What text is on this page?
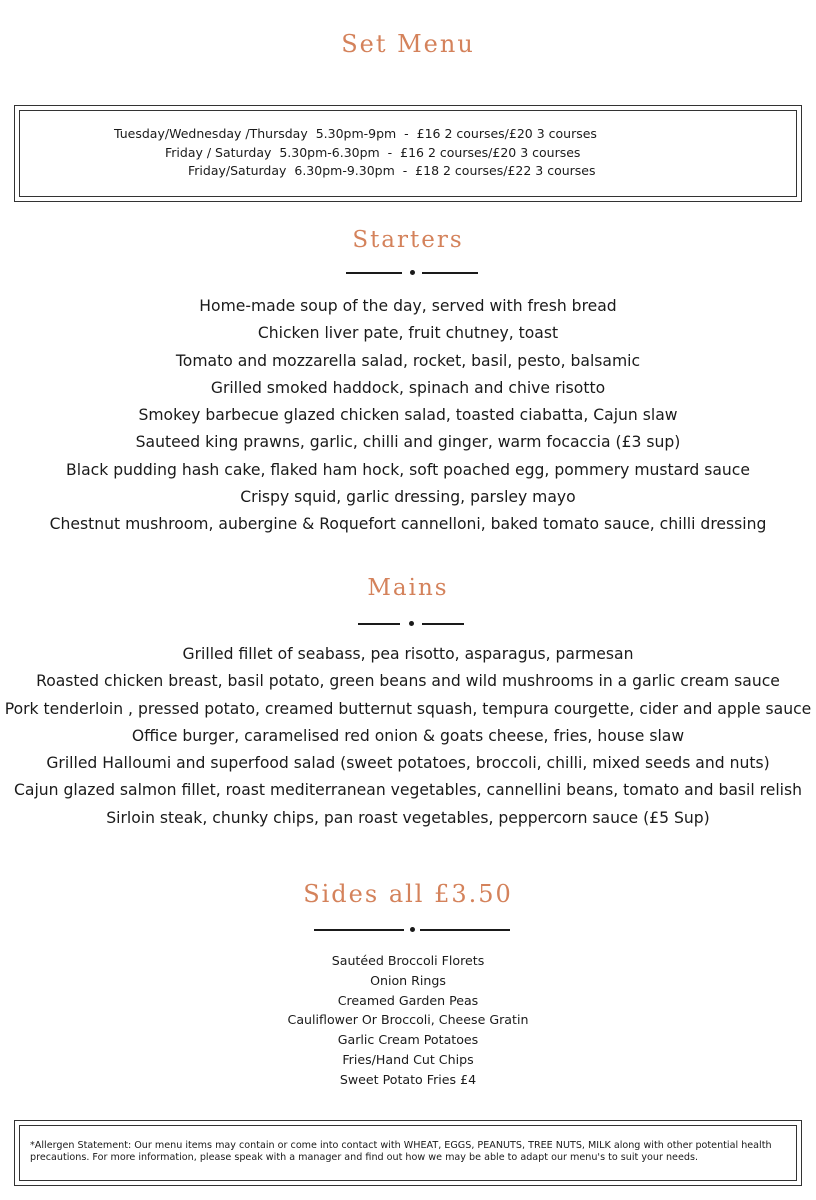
Set Menu
Tuesday/Wednesday /Thursday  5.30pm-9pm  -  £16 2 courses/£20 3 courses
Friday / Saturday  5.30pm-6.30pm  -  £16 2 courses/£20 3 courses
Friday/Saturday  6.30pm-9.30pm  -  £18 2 courses/£22 3 courses
Starters
Home-made soup of the day, served with fresh bread
Chicken liver pate, fruit chutney, toast
Tomato and mozzarella salad, rocket, basil, pesto, balsamic
Grilled smoked haddock, spinach and chive risotto
Smokey barbecue glazed chicken salad, toasted ciabatta, Cajun slaw
Sauteed king prawns, garlic, chilli and ginger, warm focaccia (£3 sup)
Black pudding hash cake, flaked ham hock, soft poached egg, pommery mustard sauce
Crispy squid, garlic dressing, parsley mayo
Chestnut mushroom, aubergine & Roquefort cannelloni, baked tomato sauce, chilli dressing
Mains
Grilled fillet of seabass, pea risotto, asparagus, parmesan
Roasted chicken breast, basil potato, green beans and wild mushrooms in a garlic cream sauce
Pork tenderloin , pressed potato, creamed butternut squash, tempura courgette, cider and apple sauce
Office burger, caramelised red onion & goats cheese, fries, house slaw
Grilled Halloumi and superfood salad (sweet potatoes, broccoli, chilli, mixed seeds and nuts)
Cajun glazed salmon fillet, roast mediterranean vegetables, cannellini beans, tomato and basil relish
Sirloin steak, chunky chips, pan roast vegetables, peppercorn sauce (£5 Sup)
Sides all £3.50
Sautéed Broccoli Florets
Onion Rings
Creamed Garden Peas
Cauliflower Or Broccoli, Cheese Gratin
Garlic Cream Potatoes
Fries/Hand Cut Chips
Sweet Potato Fries £4
*Allergen Statement: Our menu items may contain or come into contact with WHEAT, EGGS, PEANUTS, TREE NUTS, MILK along with other potential health precautions. For more information, please speak with a manager and find out how we may be able to adapt our menu's to suit your needs.
